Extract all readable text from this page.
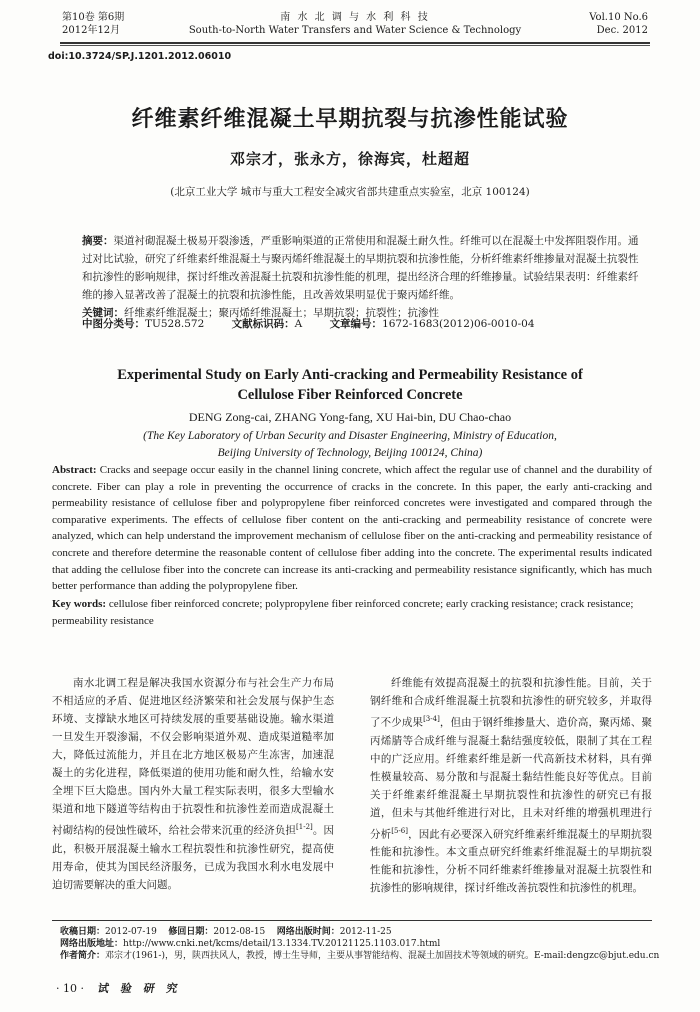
第10卷 第6期
2012年12月
南 水 北 调 与 水 利 科 技
South-to-North Water Transfers and Water Science & Technology
Vol.10 No.6
Dec. 2012
doi:10.3724/SP.J.1201.2012.06010
纤维素纤维混凝土早期抗裂与抗渗性能试验
邓宗才，张永方，徐海宾，杜超超
(北京工业大学 城市与重大工程安全减灾省部共建重点实验室，北京 100124)
摘要：渠道衬砌混凝土极易开裂渗透，严重影响渠道的正常使用和混凝土耐久性。纤维可以在混凝土中发挥阻裂作用。通过对比试验，研究了纤维素纤维混凝土与聚丙烯纤维混凝土的早期抗裂和抗渗性能，分析纤维素纤维掺量对混凝土抗裂性和抗渗性的影响规律，探讨纤维改善混凝土抗裂和抗渗性能的机理，提出经济合理的纤维掺量。试验结果表明：纤维素纤维的掺入显著改善了混凝土的抗裂和抗渗性能，且改善效果明显优于聚丙烯纤维。
关键词：纤维素纤维混凝土；聚丙烯纤维混凝土；早期抗裂；抗裂性；抗渗性
中图分类号：TU528.572	文献标识码：A	文章编号：1672-1683(2012)06-0010-04
Experimental Study on Early Anti-cracking and Permeability Resistance of
Cellulose Fiber Reinforced Concrete
DENG Zong-cai, ZHANG Yong-fang, XU Hai-bin, DU Chao-chao
(The Key Laboratory of Urban Security and Disaster Engineering, Ministry of Education,
Beijing University of Technology, Beijing 100124, China)
Abstract: Cracks and seepage occur easily in the channel lining concrete, which affect the regular use of channel and the durability of concrete. Fiber can play a role in preventing the occurrence of cracks in the concrete. In this paper, the early anti-cracking and permeability resistance of cellulose fiber and polypropylene fiber reinforced concretes were investigated and compared through the comparative experiments. The effects of cellulose fiber content on the anti-cracking and permeability resistance of concrete were analyzed, which can help understand the improvement mechanism of cellulose fiber on the anti-cracking and permeability resistance of concrete and therefore determine the reasonable content of cellulose fiber adding into the concrete. The experimental results indicated that adding the cellulose fiber into the concrete can increase its anti-cracking and permeability resistance significantly, which has much better performance than adding the polypropylene fiber.
Key words: cellulose fiber reinforced concrete; polypropylene fiber reinforced concrete; early cracking resistance; crack resistance; permeability resistance

南水北调工程是解决我国水资源分布与社会生产力布局不相适应的矛盾、促进地区经济繁荣和社会发展与保护生态环境、支撑缺水地区可持续发展的重要基础设施。输水渠道一旦发生开裂渗漏，不仅会影响渠道外观、造成渠道糙率加大，降低过流能力，并且在北方地区极易产生冻害，加速混凝土的劣化进程，降低渠道的使用功能和耐久性，给输水安全埋下巨大隐患。国内外大量工程实际表明，很多大型输水渠道和地下隧道等结构由于抗裂性和抗渗性差而造成混凝土衬砌结构的侵蚀性破坏，给社会带来沉重的经济负担[1-2]。因此，积极开展混凝土输水工程抗裂性和抗渗性研究，提高使用寿命，使其为国民经济服务，已成为我国水利水电发展中迫切需要解决的重大问题。

纤维能有效提高混凝土的抗裂和抗渗性能。目前，关于钢纤维和合成纤维混凝土抗裂和抗渗性的研究较多，并取得了不少成果[3-4]，但由于钢纤维掺量大、造价高，聚丙烯、聚丙烯腈等合成纤维与混凝土黏结强度较低，限制了其在工程中的广泛应用。纤维素纤维是新一代高新技术材料，具有弹性模量较高、易分散和与混凝土黏结性能良好等优点。目前关于纤维素纤维混凝土早期抗裂性和抗渗性的研究已有报道，但未与其他纤维进行对比，且未对纤维的增强机理进行分析[5-6]，因此有必要深入研究纤维素纤维混凝土的早期抗裂性能和抗渗性。本文重点研究纤维素纤维混凝土的早期抗裂性能和抗渗性，分析不同纤维素纤维掺量对混凝土抗裂性和抗渗性的影响规律，探讨纤维改善抗裂性和抗渗性的机理。

收稿日期：2012-07-19 修回日期：2012-08-15 网络出版时间：2012-11-25
网络出版地址：http://www.cnki.net/kcms/detail/13.1334.TV.20121125.1103.017.html
作者简介：邓宗才(1961-)，男，陕西扶风人，教授，博士生导师，主要从事智能结构、混凝土加固技术等领域的研究。E-mail:dengzc@bjut.edu.cn
· 10 · 试 验 研 究
